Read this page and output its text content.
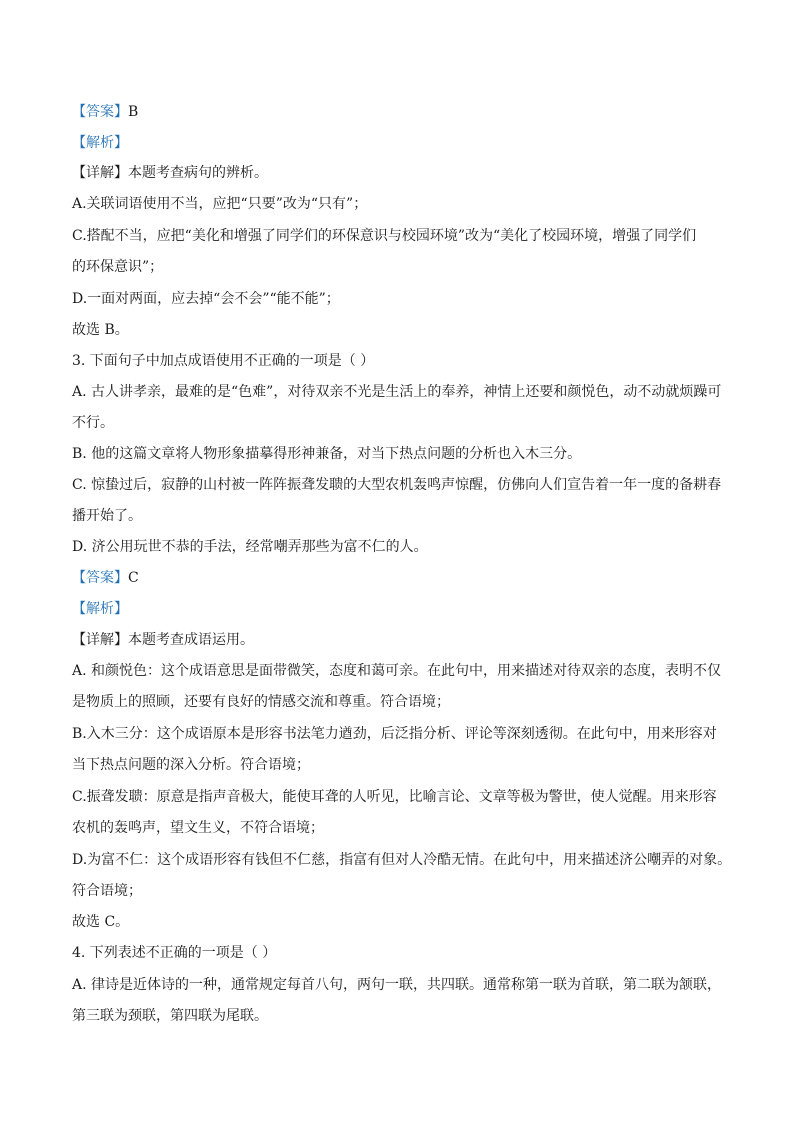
【答案】B
【解析】
【详解】本题考查病句的辨析。
A.关联词语使用不当，应把“只要”改为“只有”；
C.搭配不当，应把“美化和增强了同学们的环保意识与校园环境”改为“美化了校园环境，增强了同学们
的环保意识”；
D.一面对两面，应去掉“会不会”“能不能”；
故选 B。
3. 下面句子中加点成语使用不正确的一项是（ ）
A. 古人讲孝亲，最难的是“色难”，对待双亲不光是生活上的奉养，神情上还要和颜悦色，动不动就烦躁可
不行。
B. 他的这篇文章将人物形象描摹得形神兼备，对当下热点问题的分析也入木三分。
C. 惊蛰过后，寂静的山村被一阵阵振聋发聩的大型农机轰鸣声惊醒，仿佛向人们宣告着一年一度的备耕春
播开始了。
D. 济公用玩世不恭的手法，经常嘲弄那些为富不仁的人。
【答案】C
【解析】
【详解】本题考查成语运用。
A. 和颜悦色：这个成语意思是面带微笑，态度和蔼可亲。在此句中，用来描述对待双亲的态度，表明不仅
是物质上的照顾，还要有良好的情感交流和尊重。符合语境；
B.入木三分：这个成语原本是形容书法笔力遒劲，后泛指分析、评论等深刻透彻。在此句中，用来形容对
当下热点问题的深入分析。符合语境；
C.振聋发聩：原意是指声音极大，能使耳聋的人听见，比喻言论、文章等极为警世，使人觉醒。用来形容
农机的轰鸣声，望文生义，不符合语境；
D.为富不仁：这个成语形容有钱但不仁慈，指富有但对人冷酷无情。在此句中，用来描述济公嘲弄的对象。
符合语境；
故选 C。
4. 下列表述不正确的一项是（ ）
A. 律诗是近体诗的一种，通常规定每首八句，两句一联，共四联。通常称第一联为首联，第二联为颔联，
第三联为颈联，第四联为尾联。
